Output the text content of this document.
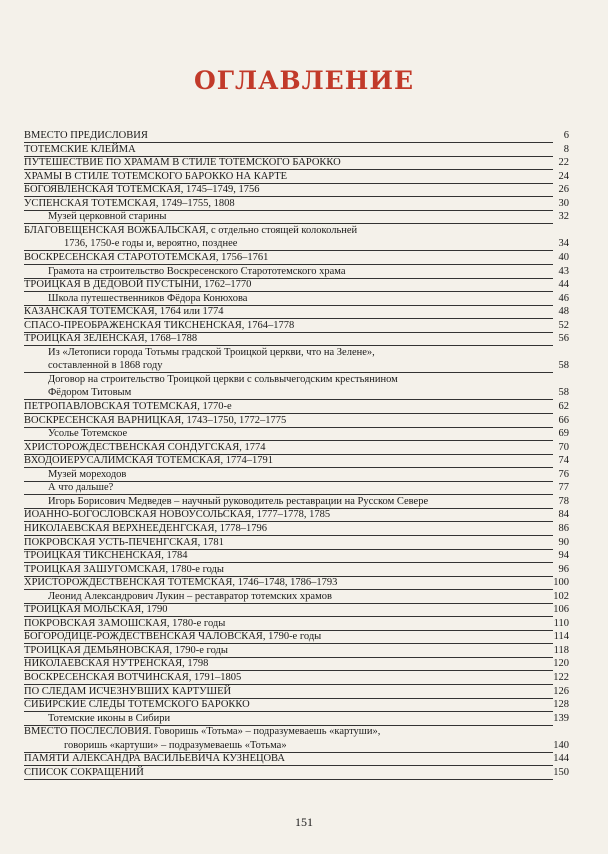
ОГЛАВЛЕНИЕ
ВМЕСТО ПРЕДИСЛОВИЯ	6
ТОТЕМСКИЕ КЛЕЙМА	8
ПУТЕШЕСТВИЕ ПО ХРАМАМ В СТИЛЕ ТОТЕМСКОГО БАРОККО	22
ХРАМЫ В СТИЛЕ ТОТЕМСКОГО БАРОККО НА КАРТЕ	24
БОГОЯВЛЕНСКАЯ ТОТЕМСКАЯ, 1745–1749, 1756	26
УСПЕНСКАЯ ТОТЕМСКАЯ, 1749–1755, 1808	30
Музей церковной старины	32
БЛАГОВЕЩЕНСКАЯ ВОЖБАЛЬСКАЯ, с отдельно стоящей колокольней
1736, 1750-е годы и, вероятно, позднее	34
ВОСКРЕСЕНСКАЯ СТАРОТОТЕМСКАЯ, 1756–1761	40
Грамота на строительство Воскресенского Старототемского храма	43
ТРОИЦКАЯ В ДЕДОВОЙ ПУСТЫНИ, 1762–1770	44
Школа путешественников Фёдора Конюхова	46
КАЗАНСКАЯ ТОТЕМСКАЯ, 1764 или 1774	48
СПАСО-ПРЕОБРАЖЕНСКАЯ ТИКСНЕНСКАЯ, 1764–1778	52
ТРОИЦКАЯ ЗЕЛЕНСКАЯ, 1768–1788	56
Из «Летописи города Тотьмы градской Троицкой церкви, что на Зелене»,
составленной в 1868 году	58
Договор на строительство Троицкой церкви с сольвычегодским крестьянином
Фёдором Титовым	58
ПЕТРОПАВЛОВСКАЯ ТОТЕМСКАЯ, 1770-е	62
ВОСКРЕСЕНСКАЯ ВАРНИЦКАЯ, 1743–1750, 1772–1775	66
Усолье Тотемское	69
ХРИСТОРОЖДЕСТВЕНСКАЯ СОНДУГСКАЯ, 1774	70
ВХОДОИЕРУСАЛИМСКАЯ ТОТЕМСКАЯ, 1774–1791	74
Музей мореходов	76
А что дальше?	77
Игорь Борисович Медведев – научный руководитель реставрации на Русском Севере	78
ИОАННО-БОГОСЛОВСКАЯ НОВОУСОЛЬСКАЯ, 1777–1778, 1785	84
НИКОЛАЕВСКАЯ ВЕРХНЕЕДЕНГСКАЯ, 1778–1796	86
ПОКРОВСКАЯ УСТЬ-ПЕЧЕНГСКАЯ, 1781	90
ТРОИЦКАЯ ТИКСНЕНСКАЯ, 1784	94
ТРОИЦКАЯ ЗАШУГОМСКАЯ, 1780-е годы	96
ХРИСТОРОЖДЕСТВЕНСКАЯ ТОТЕМСКАЯ, 1746–1748, 1786–1793	100
Леонид Александрович Лукин – реставратор тотемских храмов	102
ТРОИЦКАЯ МОЛЬСКАЯ, 1790	106
ПОКРОВСКАЯ ЗАМОШСКАЯ, 1780-е годы	110
БОГОРОДИЦЕ-РОЖДЕСТВЕНСКАЯ ЧАЛОВСКАЯ, 1790-е годы	114
ТРОИЦКАЯ ДЕМЬЯНОВСКАЯ, 1790-е годы	118
НИКОЛАЕВСКАЯ НУТРЕНСКАЯ, 1798	120
ВОСКРЕСЕНСКАЯ ВОТЧИНСКАЯ, 1791–1805	122
ПО СЛЕДАМ ИСЧЕЗНУВШИХ КАРТУШЕЙ	126
СИБИРСКИЕ СЛЕДЫ ТОТЕМСКОГО БАРОККО	128
Тотемские иконы в Сибири	139
ВМЕСТО ПОСЛЕСЛОВИЯ. Говоришь «Тотьма» – подразумеваешь «картуши»,
говоришь «картуши» – подразумеваешь «Тотьма»	140
ПАМЯТИ АЛЕКСАНДРА ВАСИЛЬЕВИЧА КУЗНЕЦОВА	144
СПИСОК СОКРАЩЕНИЙ	150
151
